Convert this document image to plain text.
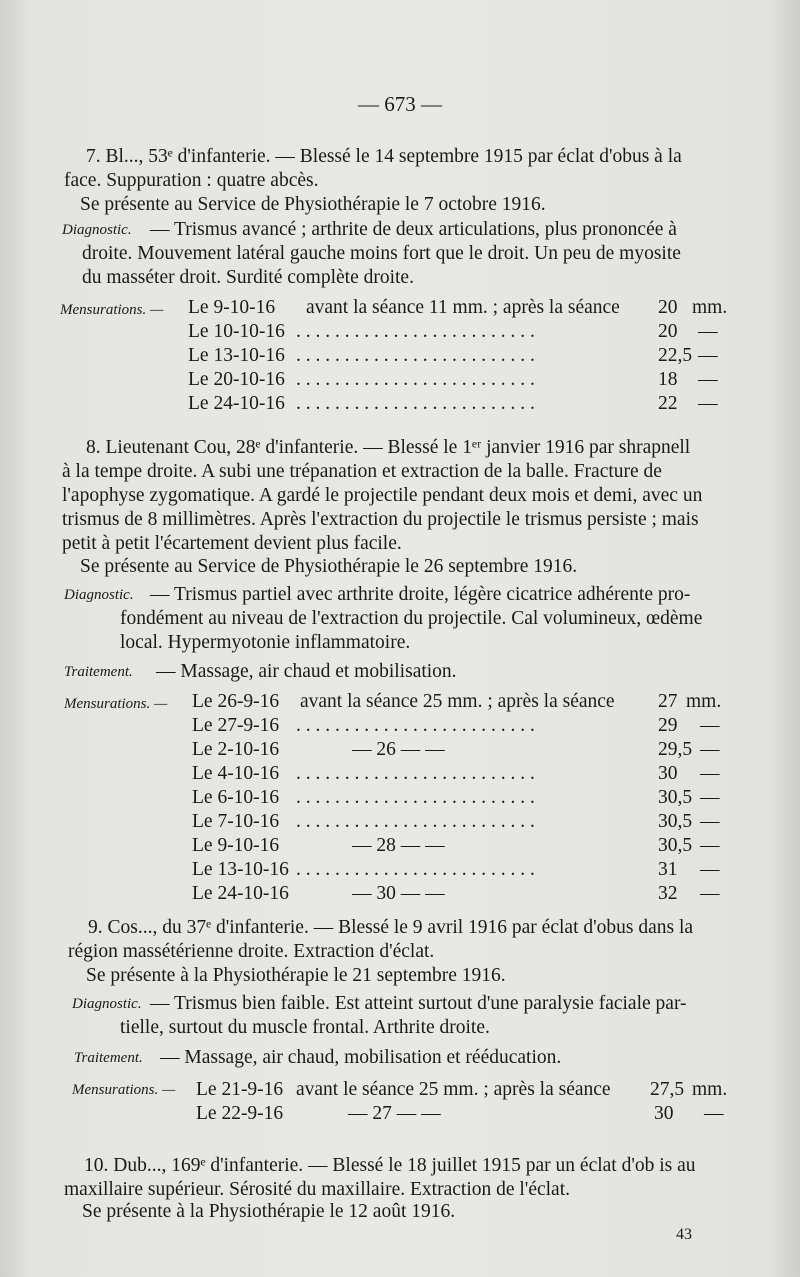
— 673 —
7. Bl..., 53ᵉ d'infanterie. — Blessé le 14 septembre 1915 par éclat d'obus à la
face. Suppuration : quatre abcès.
Se présente au Service de Physiothérapie le 7 octobre 1916.
Diagnostic. — Trismus avancé ; arthrite de deux articulations, plus prononcée à
droite. Mouvement latéral gauche moins fort que le droit. Un peu de myosite
du masséter droit. Surdité complète droite.
Mensurations. — Le 9-10-16 avant la séance 11 mm. ; après la séance 20 mm.
Le 10-10-16 . . . . . . . . . . . . . . . . . . . . . . . . .	20 —
Le 13-10-16 . . . . . . . . . . . . . . . . . . . . . . . . .	22,5 —
Le 20-10-16 . . . . . . . . . . . . . . . . . . . . . . . . .	18 —
Le 24-10-16 . . . . . . . . . . . . . . . . . . . . . . . . .	22 —
8. Lieutenant Cou, 28ᵉ d'infanterie. — Blessé le 1ᵉʳ janvier 1916 par shrapnell
à la tempe droite. A subi une trépanation et extraction de la balle. Fracture de
l'apophyse zygomatique. A gardé le projectile pendant deux mois et demi, avec un
trismus de 8 millimètres. Après l'extraction du projectile le trismus persiste ; mais
petit à petit l'écartement devient plus facile.
Se présente au Service de Physiothérapie le 26 septembre 1916.
Diagnostic. — Trismus partiel avec arthrite droite, légère cicatrice adhérente pro-
fondément au niveau de l'extraction du projectile. Cal volumineux, œdème
local. Hypermyotonie inflammatoire.
Traitement. — Massage, air chaud et mobilisation.
Mensurations. — Le 26-9-16 avant la séance 25 mm. ; après la séance 27 mm.
Le 27-9-16 . . . . . . . . . . . . . . . . . . . . . . . . .	29 —
Le 2-10-16	— 26 — —	29,5 —
Le 4-10-16 . . . . . . . . . . . . . . . . . . . . . . . . .	30 —
Le 6-10-16 . . . . . . . . . . . . . . . . . . . . . . . . .	30,5 —
Le 7-10-16 . . . . . . . . . . . . . . . . . . . . . . . . .	30,5 —
Le 9-10-16	— 28 — —	30,5 —
Le 13-10-16 . . . . . . . . . . . . . . . . . . . . . . . . .	31 —
Le 24-10-16	— 30 — —	32 —
9. Cos..., du 37ᵉ d'infanterie. — Blessé le 9 avril 1916 par éclat d'obus dans la
région massétérienne droite. Extraction d'éclat.
Se présente à la Physiothérapie le 21 septembre 1916.
Diagnostic. — Trismus bien faible. Est atteint surtout d'une paralysie faciale par-
tielle, surtout du muscle frontal. Arthrite droite.
Traitement. — Massage, air chaud, mobilisation et rééducation.
Mensurations. — Le 21-9-16 avant le séance 25 mm. ; après la séance 27,5 mm.
Le 22-9-16	— 27 — —	30 —
10. Dub..., 169ᵉ d'infanterie. — Blessé le 18 juillet 1915 par un éclat d'ob is au
maxillaire supérieur. Sérosité du maxillaire. Extraction de l'éclat.
Se présente à la Physiothérapie le 12 août 1916.
43
